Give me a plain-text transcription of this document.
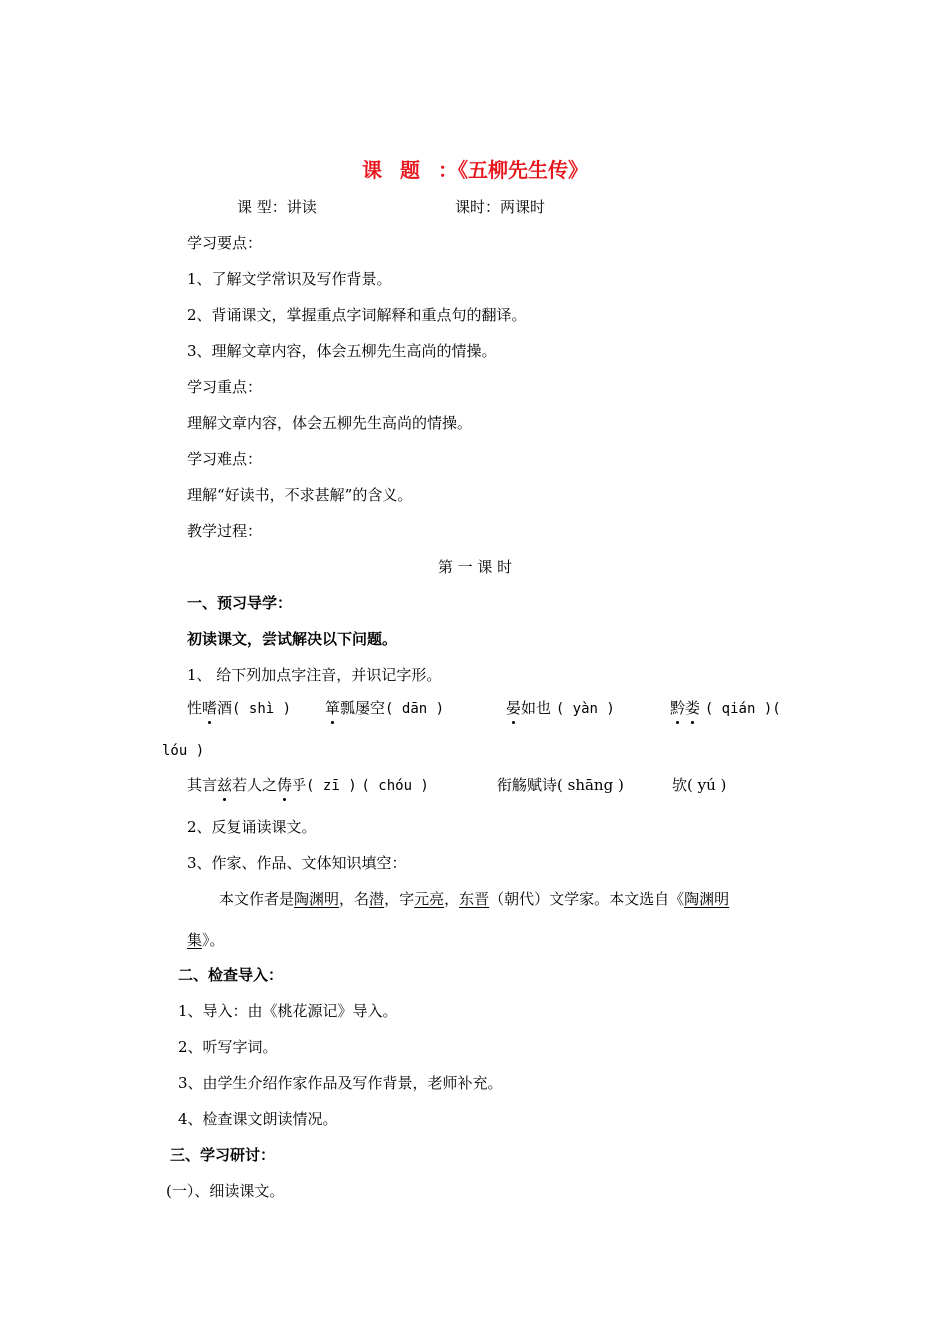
课 题 ：《五柳先生传》
课 型：讲读	课时：两课时
学习要点：
1、了解文学常识及写作背景。
2、背诵课文，掌握重点字词解释和重点句的翻译。
3、理解文章内容，体会五柳先生高尚的情操。
学习重点：
理解文章内容，体会五柳先生高尚的情操。
学习难点：
理解“好读书，不求甚解”的含义。
教学过程：
第 一 课 时
一、预习导学：
初读课文，尝试解决以下问题。
1、 给下列加点字注音，并识记字形。
性嗜酒( shì ) 箪瓢屡空( dān )	晏如也 ( yàn )	黔娄 ( qián )(
lóu )
其言兹若人之俦乎( zī ) ( chóu )	衔觞赋诗( shāng )	欤( yú )
2、反复诵读课文。
3、作家、作品、文体知识填空：
本文作者是陶渊明，名潜，字元亮，东晋（朝代）文学家。本文选自《陶渊明
集》。
二、检查导入：
1、导入：由《桃花源记》导入。
2、听写字词。
3、由学生介绍作家作品及写作背景，老师补充。
4、检查课文朗读情况。
三、学习研讨：
(一）、细读课文。
